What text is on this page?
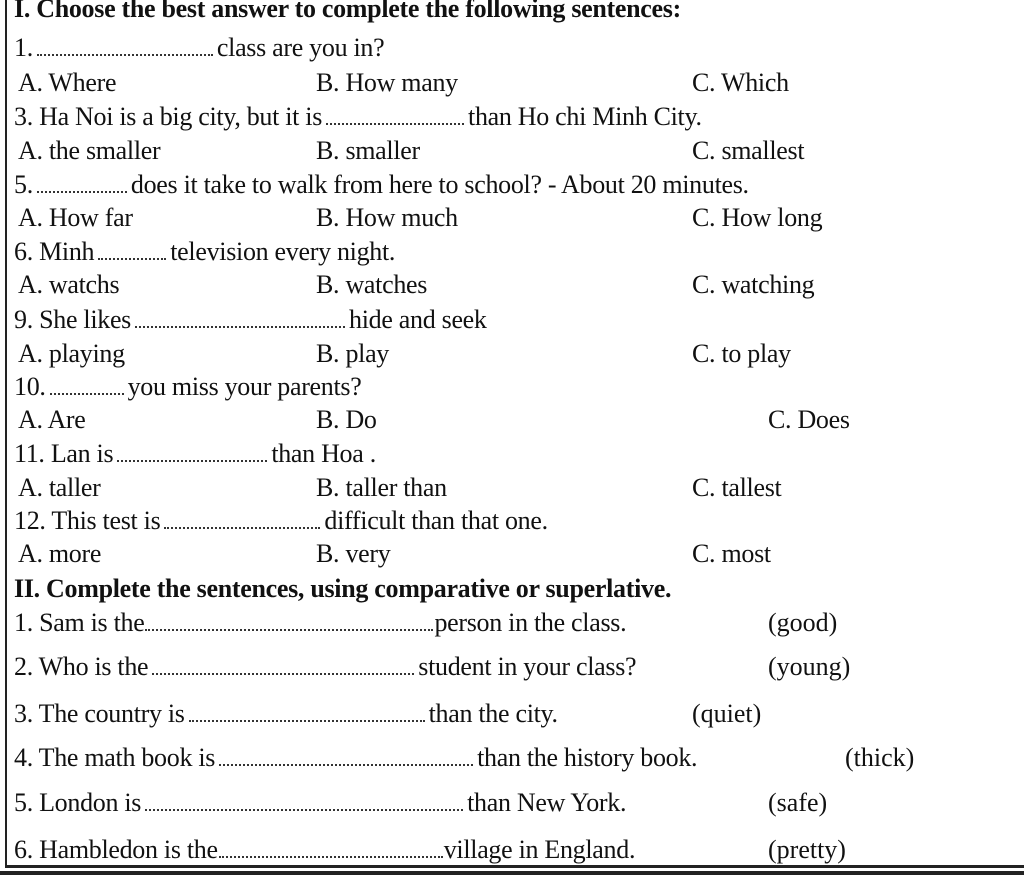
I. Choose the best answer to complete the following sentences:
1.	class are you in?
A. Where	B. How many	C. Which
3. Ha Noi is a big city, but it is	than Ho chi Minh City.
A. the smaller	B. smaller	C. smallest
5.	does it take to walk from here to school? - About 20 minutes.
A. How far	B. How much	C. How long
6. Minh	television every night.
A. watchs	B. watches	C. watching
9. She likes	hide and seek
A. playing	B. play	C. to play
10.	you miss your parents?
A. Are	B. Do	C. Does
11. Lan is	than Hoa .
A. taller	B. taller than	C. tallest
12. This test is	difficult than that one.
A. more	B. very	C. most
II. Complete the sentences, using comparative or superlative.
1. Sam is the	person in the class.	(good)
2. Who is the	student in your class?	(young)
3. The country is	than the city.	(quiet)
4. The math book is	than the history book.	(thick)
5. London is	than New York.	(safe)
6. Hambledon is the	village in England.	(pretty)
